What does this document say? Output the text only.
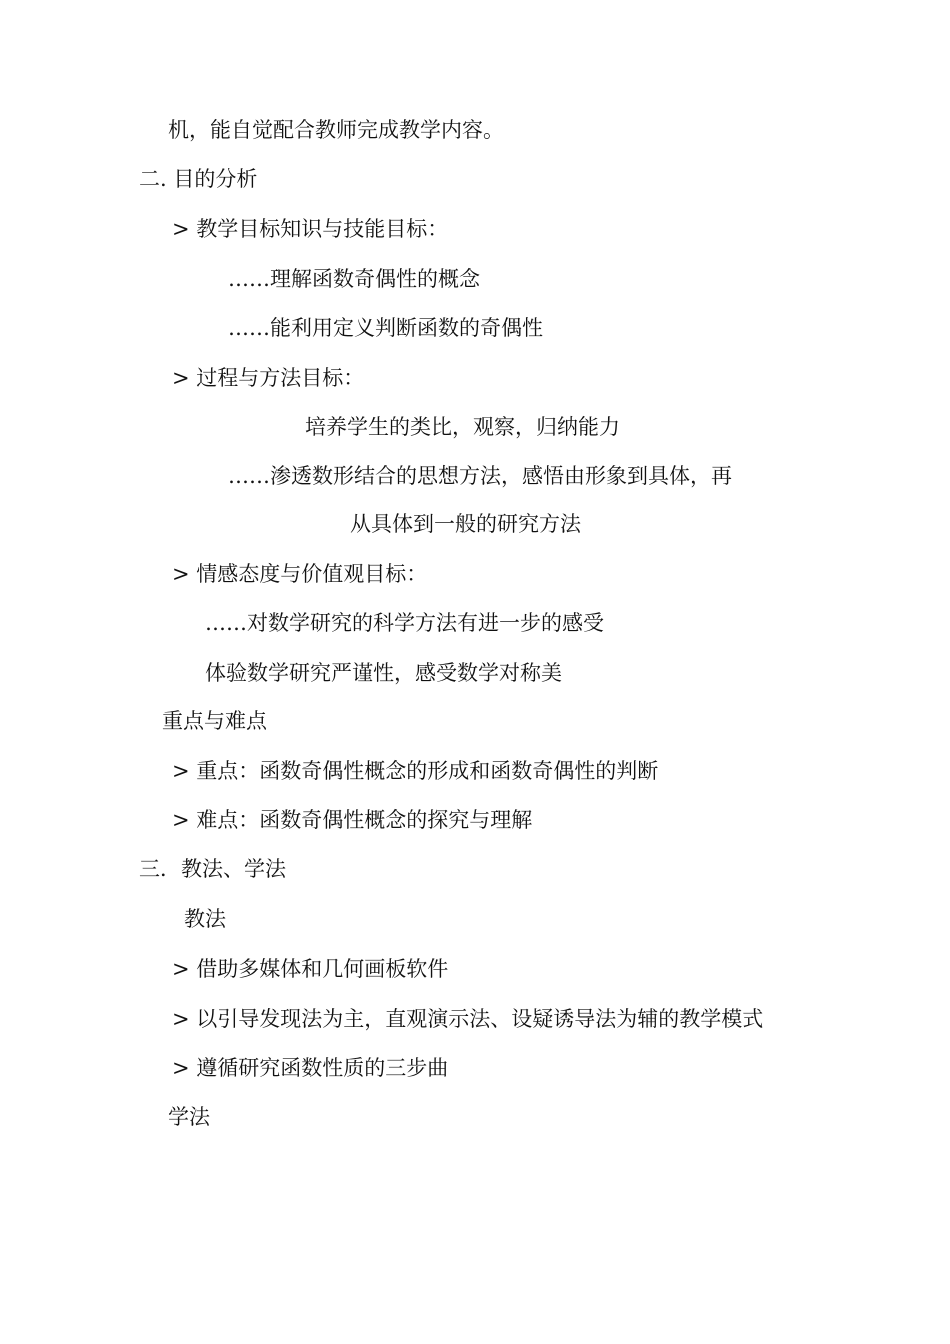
机，能自觉配合教师完成教学内容。
二. 目的分析
> 教学目标知识与技能目标：
……理解函数奇偶性的概念
……能利用定义判断函数的奇偶性
> 过程与方法目标：
培养学生的类比，观察，归纳能力
……渗透数形结合的思想方法，感悟由形象到具体，再
从具体到一般的研究方法
> 情感态度与价值观目标：
……对数学研究的科学方法有进一步的感受
体验数学研究严谨性，感受数学对称美
重点与难点
> 重点：函数奇偶性概念的形成和函数奇偶性的判断
> 难点：函数奇偶性概念的探究与理解
三．教法、学法
教法
> 借助多媒体和几何画板软件
> 以引导发现法为主，直观演示法、设疑诱导法为辅的教学模式
> 遵循研究函数性质的三步曲
学法
